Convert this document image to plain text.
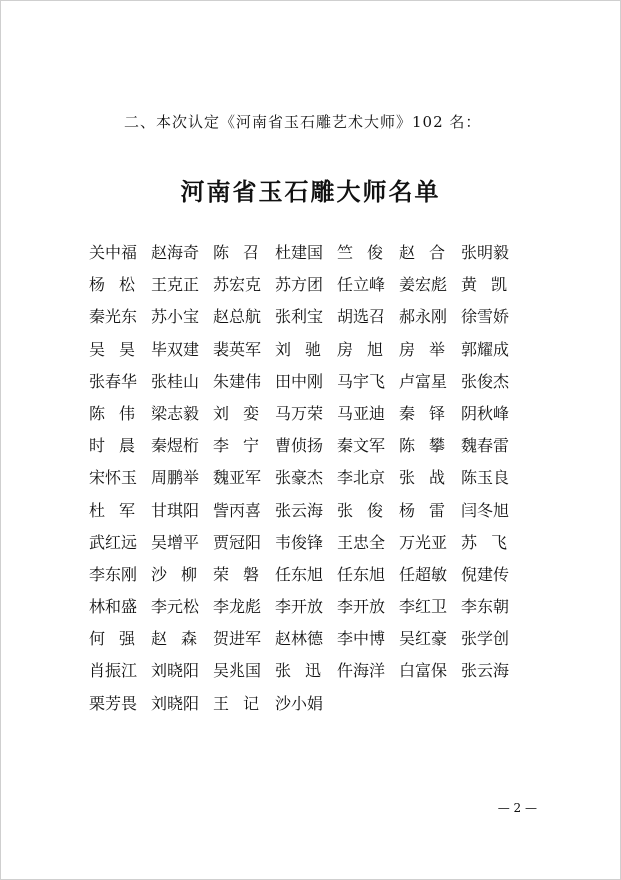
二、本次认定《河南省玉石雕艺术大师》102 名：
河南省玉石雕大师名单
关中福 赵海奇 陈 召 杜建国 竺 俊 赵 合 张明毅
杨 松 王克正 苏宏克 苏方团 任立峰 姜宏彪 黄 凯
秦光东 苏小宝 赵总航 张利宝 胡选召 郝永刚 徐雪娇
吴 昊 毕双建 裴英军 刘 驰 房 旭 房 举 郭耀成
张春华 张桂山 朱建伟 田中刚 马宇飞 卢富星 张俊杰
陈 伟 梁志毅 刘 娈 马万荣 马亚迪 秦 铎 阴秋峰
时 晨 秦煜桁 李 宁 曹侦扬 秦文军 陈 攀 魏春雷
宋怀玉 周鹏举 魏亚军 张豪杰 李北京 张 战 陈玉良
杜 军 甘琪阳 訾丙喜 张云海 张 俊 杨 雷 闫冬旭
武红远 吴增平 贾冠阳 韦俊锋 王忠全 万光亚 苏 飞
李东刚 沙 柳 荣 磐 任东旭 任东旭 任超敏 倪建传
林和盛 李元松 李龙彪 李开放 李开放 李红卫 李东朝
何 强 赵 森 贺进军 赵林德 李中博 吴红豪 张学创
肖振江 刘晓阳 吴兆国 张 迅 仵海洋 白富保 张云海
栗芳畏 刘晓阳 王 记 沙小娟
— 2 —
